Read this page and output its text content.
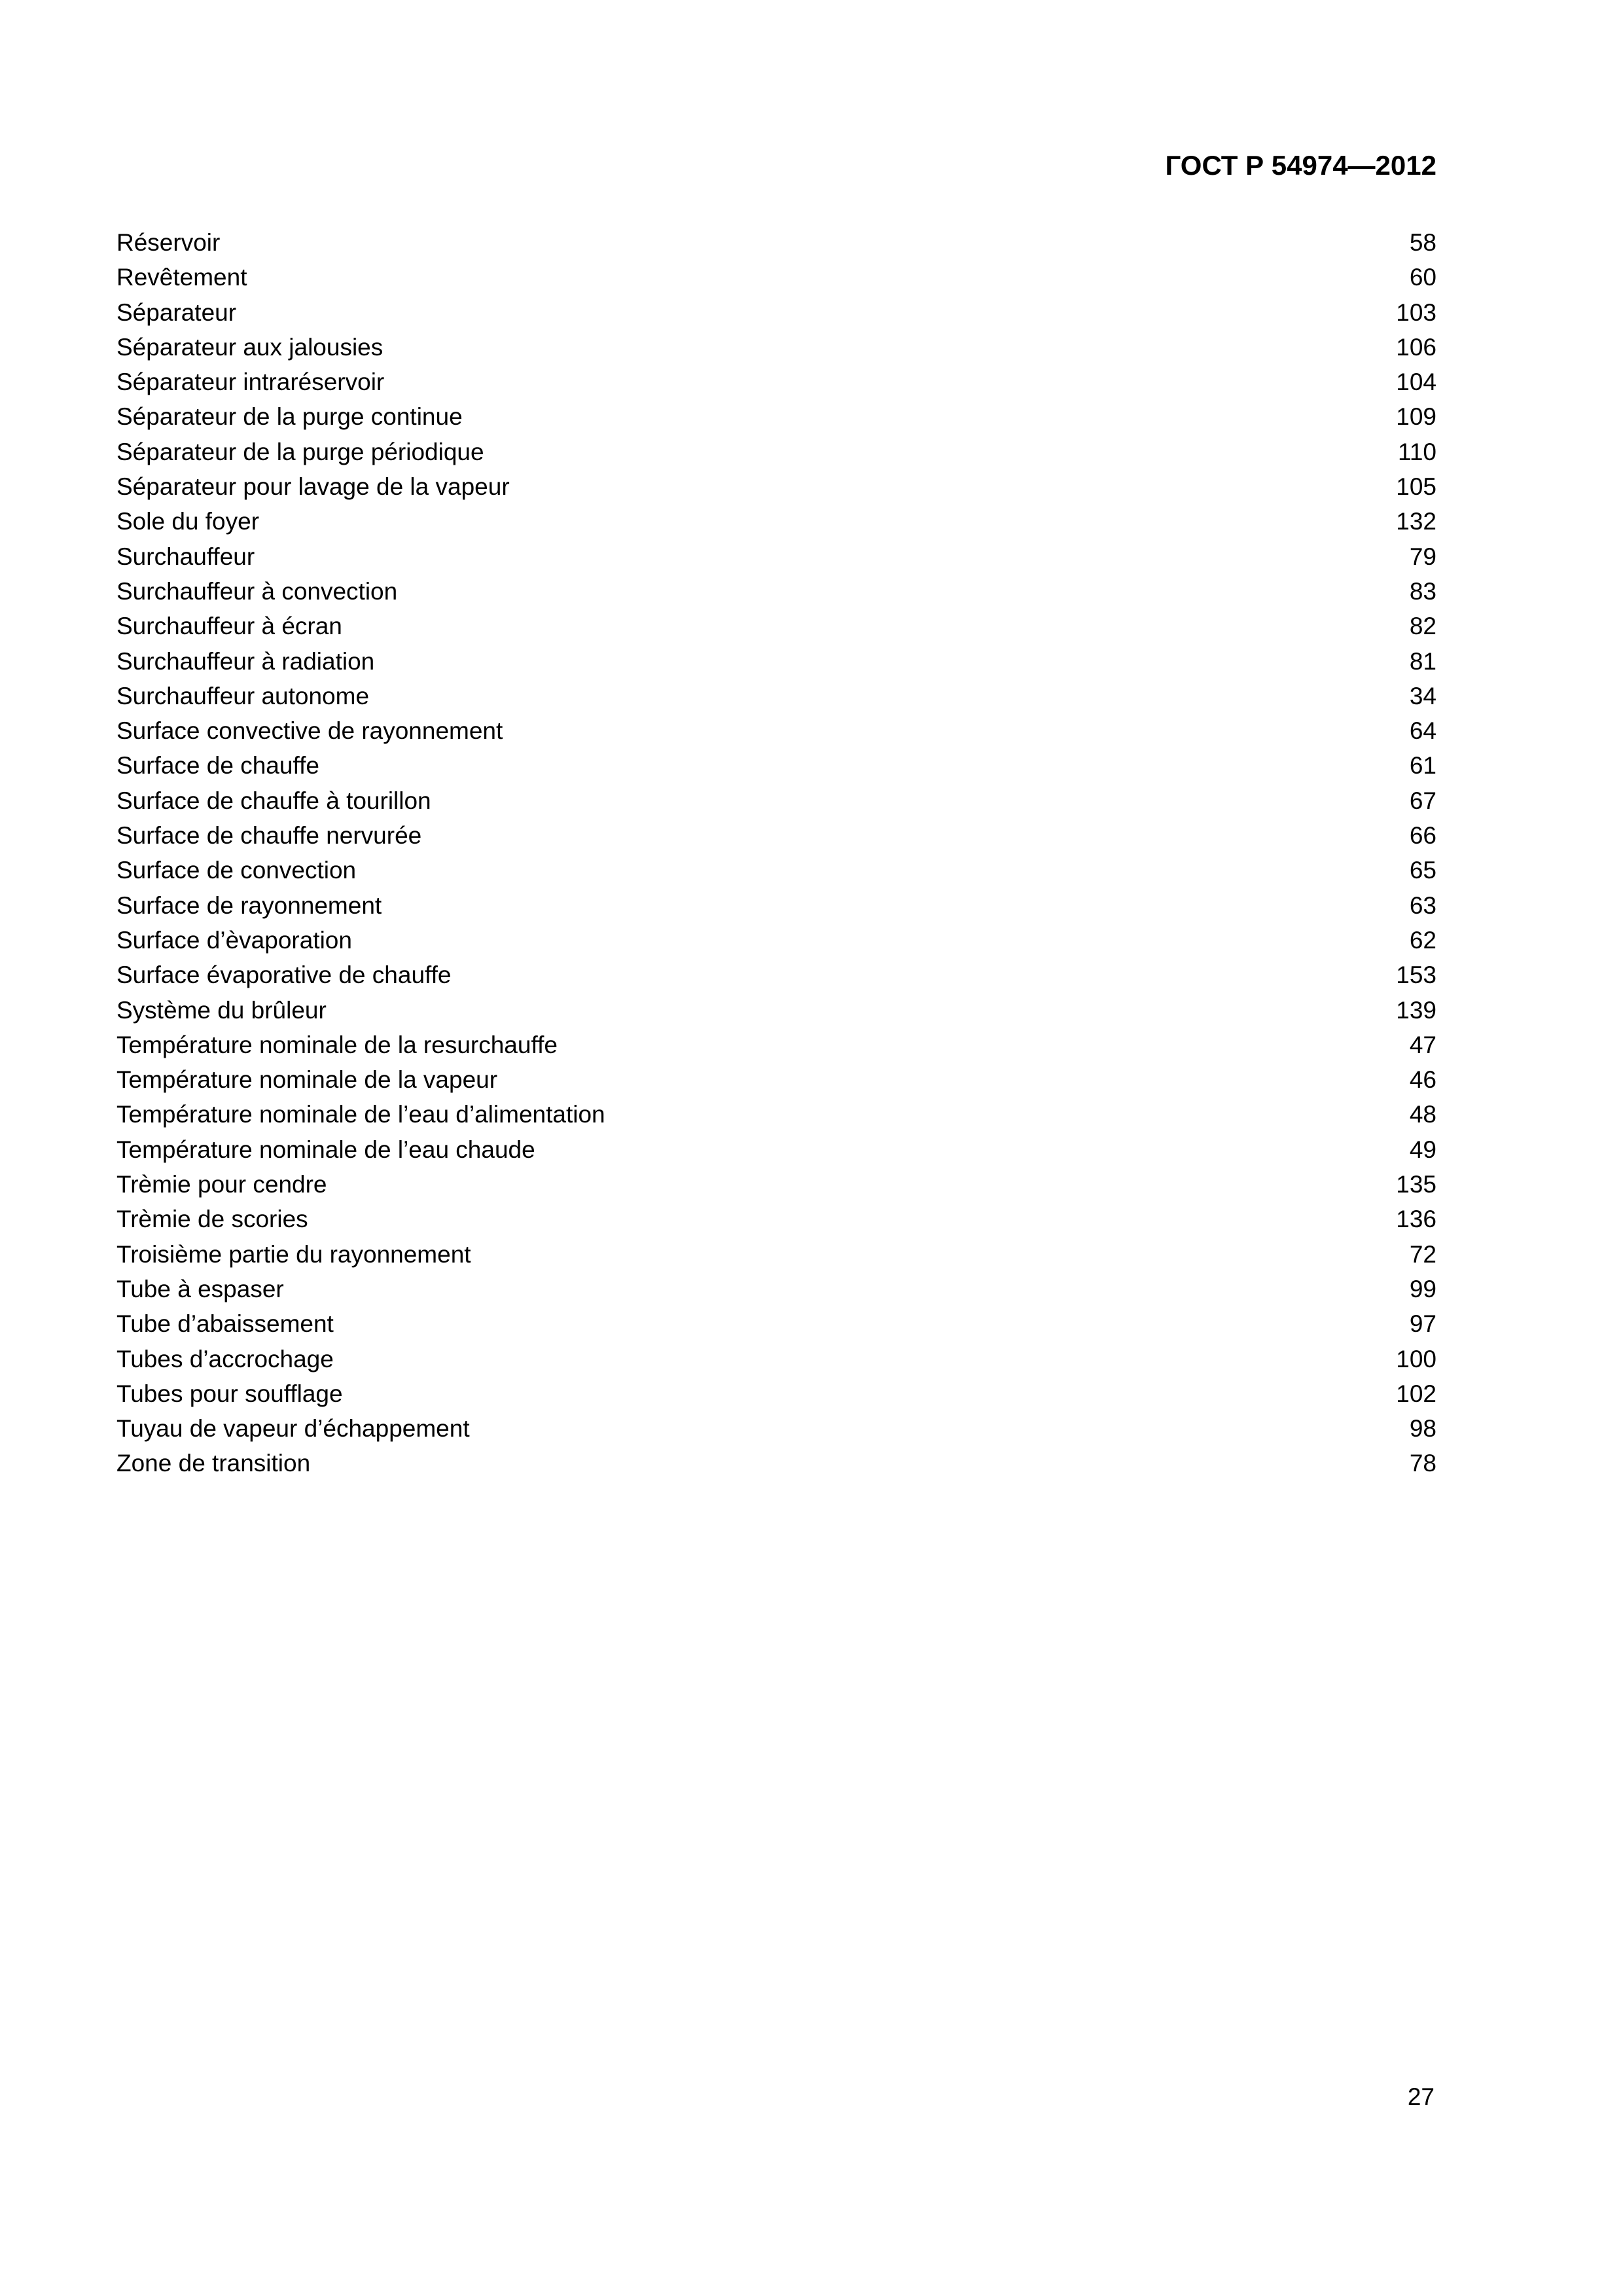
ГОСТ Р 54974—2012
Réservoir	58
Revêtement	60
Séparateur	103
Séparateur aux jalousies	106
Séparateur intraréservoir	104
Séparateur de la purge continue	109
Séparateur de la purge périodique	110
Séparateur pour lavage de la vapeur	105
Sole du foyer	132
Surchauffeur	79
Surchauffeur à convection	83
Surchauffeur à écran	82
Surchauffeur à radiation	81
Surchauffeur autonome	34
Surface convective de rayonnement	64
Surface de chauffe	61
Surface de chauffe à tourillon	67
Surface de chauffe nervurée	66
Surface de convection	65
Surface de rayonnement	63
Surface d’èvaporation	62
Surface évaporative de chauffe	153
Système du brûleur	139
Température nominale de la resurchauffe	47
Température nominale de la vapeur	46
Température nominale de l’eau d’alimentation	48
Température nominale de l’eau chaude	49
Trèmie pour cendre	135
Trèmie de scories	136
Troisième partie du rayonnement	72
Tube à espaser	99
Tube d’abaissement	97
Tubes d’accrochage	100
Tubes pour soufflage	102
Tuyau de vapeur d’échappement	98
Zone de transition	78
27
